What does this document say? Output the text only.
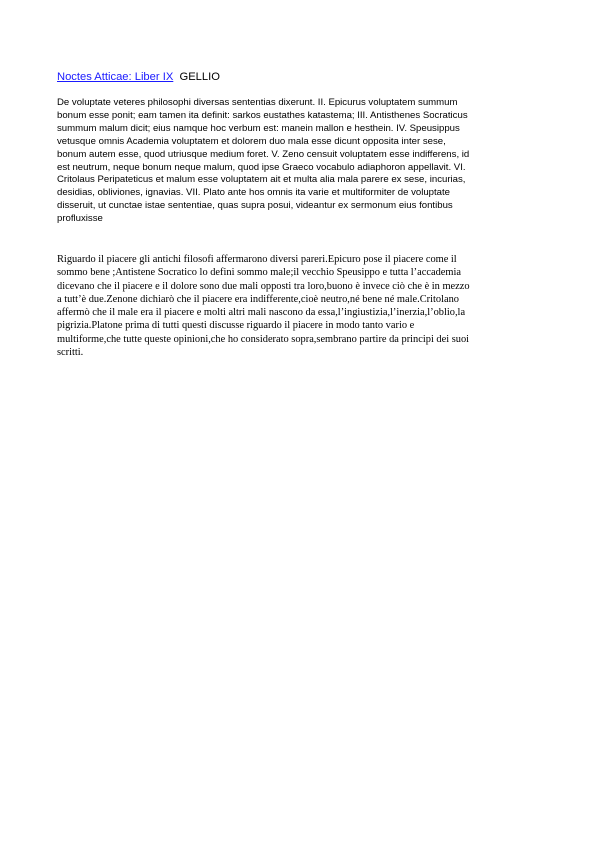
Noctes Atticae: Liber IX GELLIO
De voluptate veteres philosophi diversas sententias dixerunt. II. Epicurus voluptatem summum
bonum esse ponit; eam tamen ita definit: sarkos eustathes katastema; III. Antisthenes Socraticus
summum malum dicit; eius namque hoc verbum est: manein mallon e hesthein. IV. Speusippus
vetusque omnis Academia voluptatem et dolorem duo mala esse dicunt opposita inter sese,
bonum autem esse, quod utriusque medium foret. V. Zeno censuit voluptatem esse indifferens, id
est neutrum, neque bonum neque malum, quod ipse Graeco vocabulo adiaphoron appellavit. VI.
Critolaus Peripateticus et malum esse voluptatem ait et multa alia mala parere ex sese, incurias,
desidias, obliviones, ignavias. VII. Plato ante hos omnis ita varie et multiformiter de voluptate
disseruit, ut cunctae istae sententiae, quas supra posui, videantur ex sermonum eius fontibus
profluxisse
Riguardo il piacere gli antichi filosofi affermarono diversi pareri.Epicuro pose il piacere come il
sommo bene ;Antistene Socratico lo defini sommo male;il vecchio Speusippo e tutta l’accademia
dicevano che il piacere e il dolore sono due mali opposti tra loro,buono è invece ciò che è in mezzo
a tutt’è due.Zenone dichiarò che il piacere era indifferente,cioè neutro,né bene né male.Critolano
affermò che il male era il piacere e molti altri mali nascono da essa,l’ingiustizia,l’inerzia,l’oblio,la
pigrizia.Platone prima di tutti questi discusse riguardo il piacere in modo tanto vario e
multiforme,che tutte queste opinioni,che ho considerato sopra,sembrano partire da principi dei suoi
scritti.
